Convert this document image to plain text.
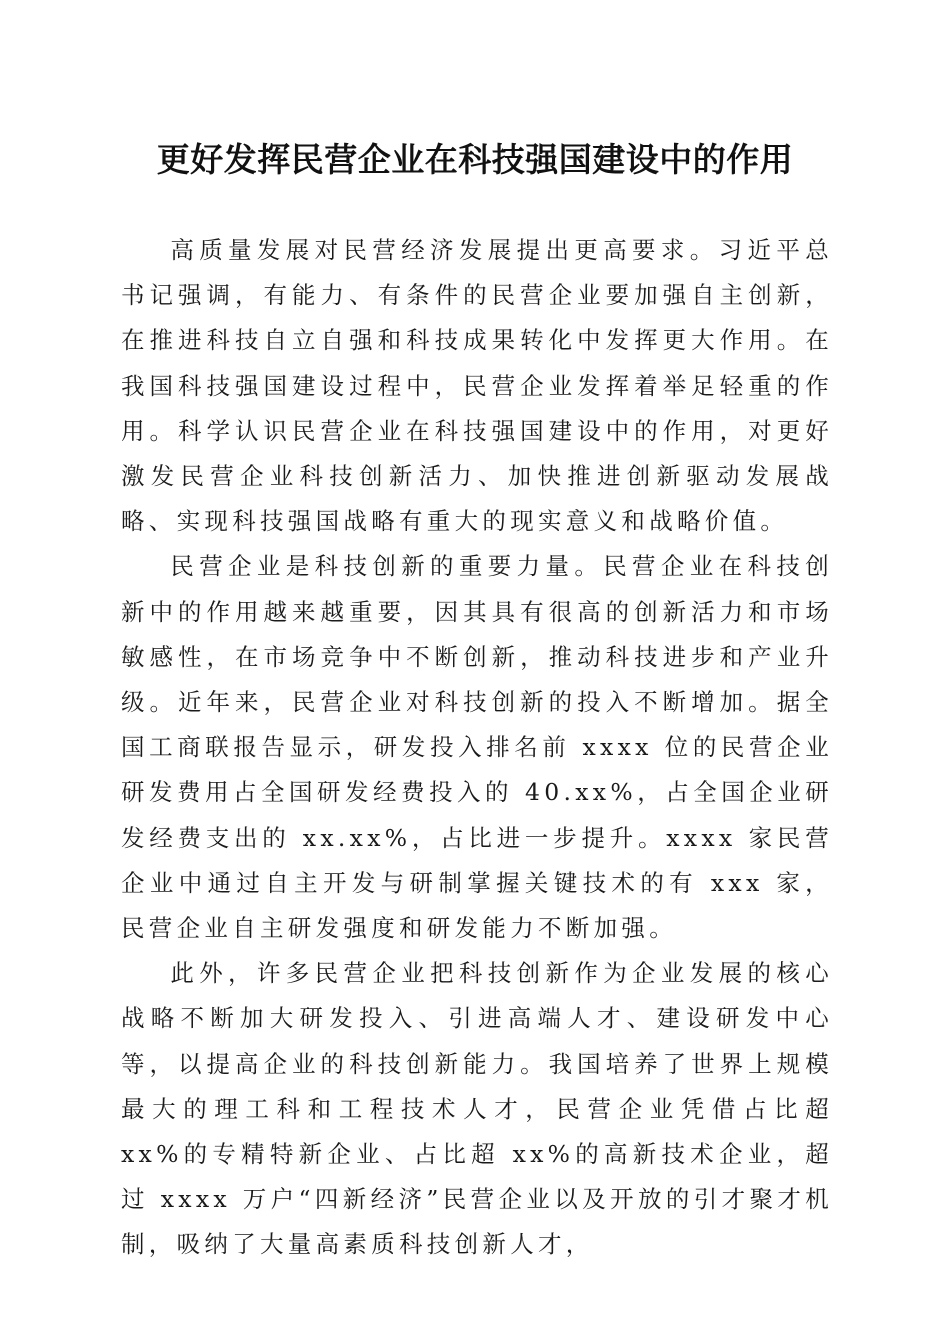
更好发挥民营企业在科技强国建设中的作用

高质量发展对民营经济发展提出更高要求。习近平总书记强调，有能力、有条件的民营企业要加强自主创新，在推进科技自立自强和科技成果转化中发挥更大作用。在我国科技强国建设过程中，民营企业发挥着举足轻重的作用。科学认识民营企业在科技强国建设中的作用，对更好激发民营企业科技创新活力、加快推进创新驱动发展战略、实现科技强国战略有重大的现实意义和战略价值。

民营企业是科技创新的重要力量。民营企业在科技创新中的作用越来越重要，因其具有很高的创新活力和市场敏感性，在市场竞争中不断创新，推动科技进步和产业升级。近年来，民营企业对科技创新的投入不断增加。据全国工商联报告显示，研发投入排名前 xxxx 位的民营企业研发费用占全国研发经费投入的 40.xx%，占全国企业研发经费支出的 xx.xx%，占比进一步提升。xxxx 家民营企业中通过自主开发与研制掌握关键技术的有 xxx 家，民营企业自主研发强度和研发能力不断加强。

此外，许多民营企业把科技创新作为企业发展的核心战略不断加大研发投入、引进高端人才、建设研发中心等，以提高企业的科技创新能力。我国培养了世界上规模最大的理工科和工程技术人才，民营企业凭借占比超 xx%的专精特新企业、占比超 xx%的高新技术企业，超过 xxxx 万户“四新经济”民营企业以及开放的引才聚才机制，吸纳了大量高素质科技创新人才，
